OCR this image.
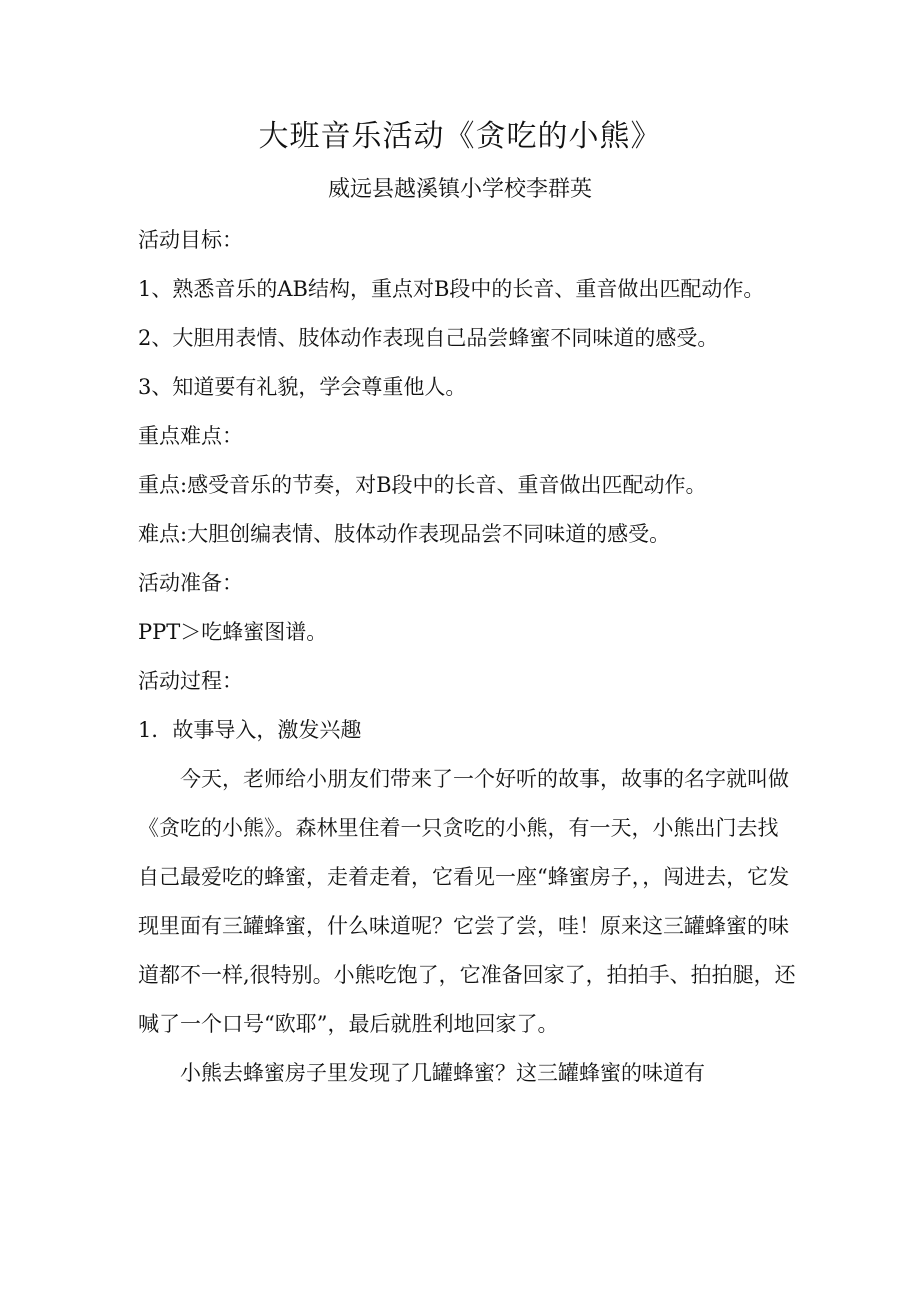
大班音乐活动《贪吃的小熊》
威远县越溪镇小学校李群英

活动目标：

1、熟悉音乐的AB结构，重点对B段中的长音、重音做出匹配动作。

2、大胆用表情、肢体动作表现自己品尝蜂蜜不同味道的感受。

3、知道要有礼貌，学会尊重他人。

重点难点：

重点:感受音乐的节奏，对B段中的长音、重音做出匹配动作。

难点:大胆创编表情、肢体动作表现品尝不同味道的感受。

活动准备：

PPT＞吃蜂蜜图谱。

活动过程：

1．故事导入，激发兴趣

今天，老师给小朋友们带来了一个好听的故事，故事的名字就叫做《贪吃的小熊》。森林里住着一只贪吃的小熊，有一天，小熊出门去找自己最爱吃的蜂蜜，走着走着，它看见一座“蜂蜜房子，，闯进去，它发现里面有三罐蜂蜜，什么味道呢？它尝了尝，哇！原来这三罐蜂蜜的味道都不一样,很特别。小熊吃饱了，它准备回家了，拍拍手、拍拍腿，还喊了一个口号“欧耶”，最后就胜利地回家了。

小熊去蜂蜜房子里发现了几罐蜂蜜？这三罐蜂蜜的味道有
